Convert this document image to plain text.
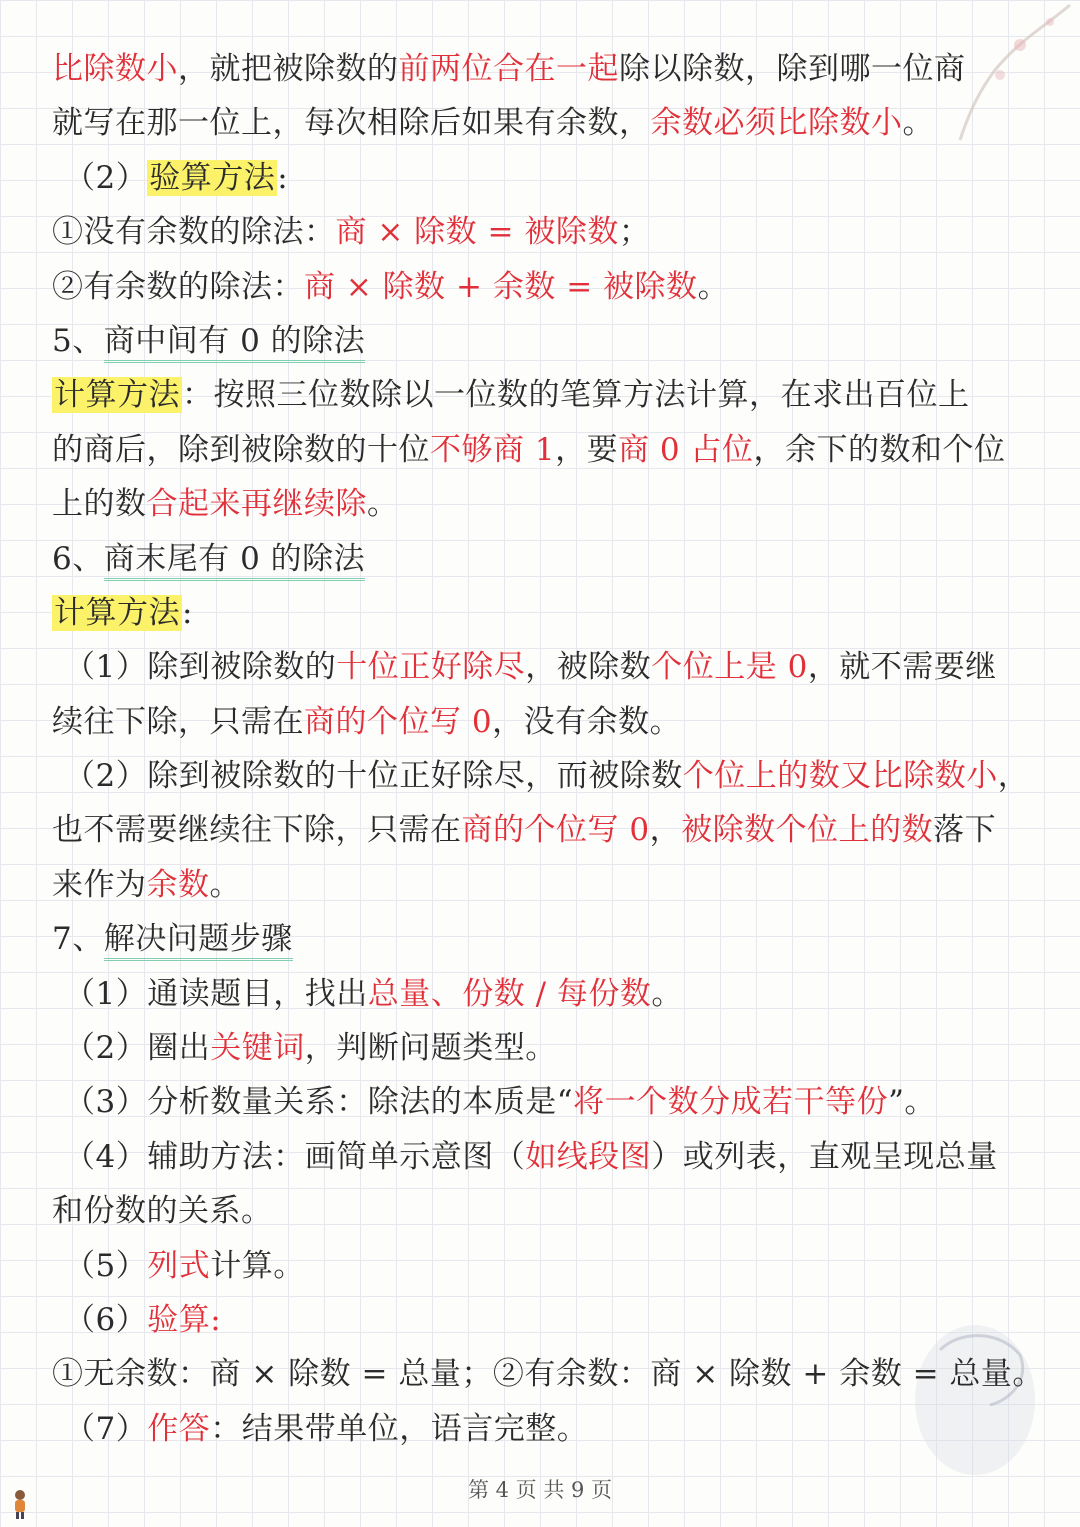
比除数小，就把被除数的前两位合在一起除以除数，除到哪一位商
就写在那一位上，每次相除后如果有余数，余数必须比除数小。
（2）验算方法:
①没有余数的除法：商 × 除数 = 被除数；
②有余数的除法：商 × 除数 + 余数 = 被除数。
5、商中间有 0 的除法
计算方法：按照三位数除以一位数的笔算方法计算，在求出百位上
的商后，除到被除数的十位不够商 1，要商 0 占位，余下的数和个位
上的数合起来再继续除。
6、商末尾有 0 的除法
计算方法:
（1）除到被除数的十位正好除尽，被除数个位上是 0，就不需要继
续往下除，只需在商的个位写 0，没有余数。
（2）除到被除数的十位正好除尽，而被除数个位上的数又比除数小，
也不需要继续往下除，只需在商的个位写 0，被除数个位上的数落下
来作为余数。
7、解决问题步骤
（1）通读题目，找出总量、份数 / 每份数。
（2）圈出关键词，判断问题类型。
（3）分析数量关系：除法的本质是“将一个数分成若干等份”。
（4）辅助方法：画简单示意图（如线段图）或列表，直观呈现总量
和份数的关系。
（5）列式计算。
（6）验算:
①无余数：商 × 除数 = 总量；②有余数：商 × 除数 + 余数 = 总量。
（7）作答：结果带单位，语言完整。
第 4 页 共 9 页
